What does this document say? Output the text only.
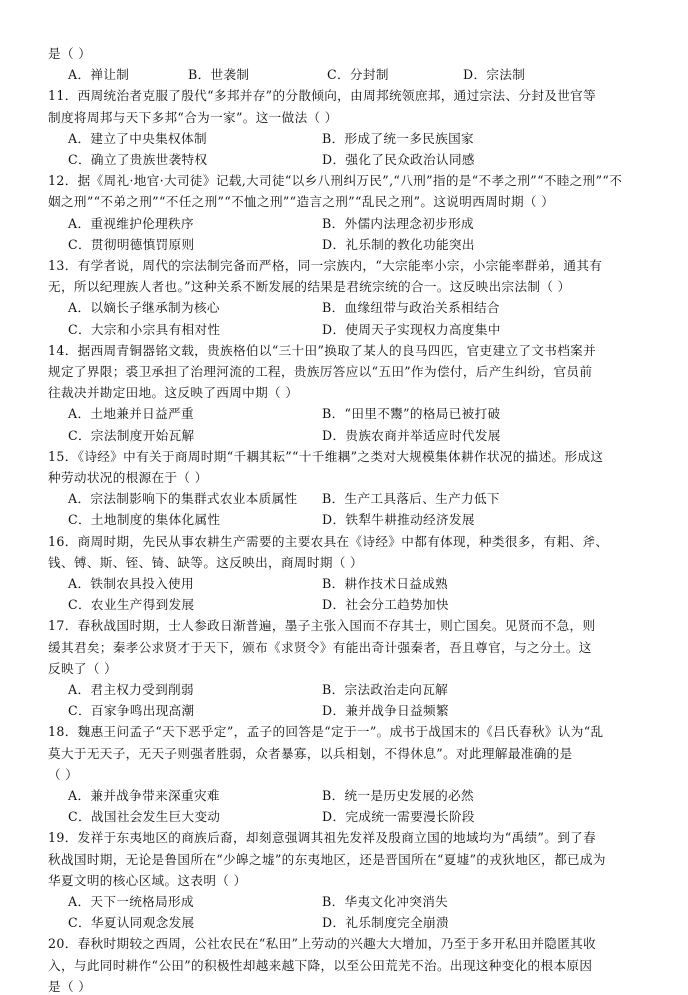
是（ ）
A．禅让制	B．世袭制	C．分封制	D．宗法制
11．西周统治者克服了殷代“多邦并存”的分散倾向，由周邦统领庶邦，通过宗法、分封及世官等
制度将周邦与天下多邦“合为一家”。这一做法（ ）
A．建立了中央集权体制	B．形成了统一多民族国家
C．确立了贵族世袭特权	D．强化了民众政治认同感
12．据《周礼·地官·大司徒》记载,大司徒“以乡八刑纠万民”,“八刑”指的是“不孝之刑”“不睦之刑”“不
姻之刑”“不弟之刑”“不任之刑”“不恤之刑”“造言之刑”“乱民之刑”。这说明西周时期（ ）
A．重视维护伦理秩序	B．外儒内法理念初步形成
C．贯彻明德慎罚原则	D．礼乐制的教化功能突出
13．有学者说，周代的宗法制完备而严格，同一宗族内，“大宗能率小宗，小宗能率群弟，通其有
无，所以纪理族人者也。”这种关系不断发展的结果是君统宗统的合一。这反映出宗法制（ ）
A．以嫡长子继承制为核心	B．血缘纽带与政治关系相结合
C．大宗和小宗具有相对性	D．使周天子实现权力高度集中
14．据西周青铜器铭文载，贵族格伯以“三十田”换取了某人的良马四匹，官吏建立了文书档案并
规定了界限；裘卫承担了治理河流的工程，贵族厉答应以“五田”作为偿付，后产生纠纷，官员前
往裁决并勘定田地。这反映了西周中期（ ）
A．土地兼并日益严重	B．“田里不鬻”的格局已被打破
C．宗法制度开始瓦解	D．贵族农商并举适应时代发展
15．《诗经》中有关于商周时期“千耦其耘”“十千维耦”之类对大规模集体耕作状况的描述。形成这
种劳动状况的根源在于（ ）
A．宗法制影响下的集群式农业本质属性 B．生产工具落后、生产力低下
C．土地制度的集体化属性	D．铁犁牛耕推动经济发展
16．商周时期，先民从事农耕生产需要的主要农具在《诗经》中都有体现，种类很多，有耜、斧、
钱、镈、斯、铚、锜、缺等。这反映出，商周时期（ ）
A．铁制农具投入使用	B．耕作技术日益成熟
C．农业生产得到发展	D．社会分工趋势加快
17．春秋战国时期，士人参政日渐普遍，墨子主张入国而不存其士，则亡国矣。见贤而不急，则
缓其君矣；秦孝公求贤才于天下，颁布《求贤令》有能出奇计强秦者，吾且尊官，与之分土。这
反映了（ ）
A．君主权力受到削弱	B．宗法政治走向瓦解
C．百家争鸣出现高潮	D．兼并战争日益频繁
18．魏惠王问孟子“天下恶乎定”，孟子的回答是“定于一”。成书于战国末的《吕氏春秋》认为“乱
莫大于无天子，无天子则强者胜弱，众者暴寡，以兵相刬，不得休息”。对此理解最准确的是
（ ）
A．兼并战争带来深重灾难	B．统一是历史发展的必然
C．战国社会发生巨大变动	D．完成统一需要漫长阶段
19．发祥于东夷地区的商族后裔，却刻意强调其祖先发祥及殷商立国的地域均为“禹绩”。到了春
秋战国时期，无论是鲁国所在“少皞之墟”的东夷地区，还是晋国所在“夏墟”的戎狄地区，都已成为
华夏文明的核心区域。这表明（ ）
A．天下一统格局形成	B．华夷文化冲突消失
C．华夏认同观念发展	D．礼乐制度完全崩溃
20．春秋时期较之西周，公社农民在“私田”上劳动的兴趣大大增加，乃至于多开私田并隐匿其收
入，与此同时耕作“公田”的积极性却越来越下降，以至公田荒芜不治。出现这种变化的根本原因
是（ ）
